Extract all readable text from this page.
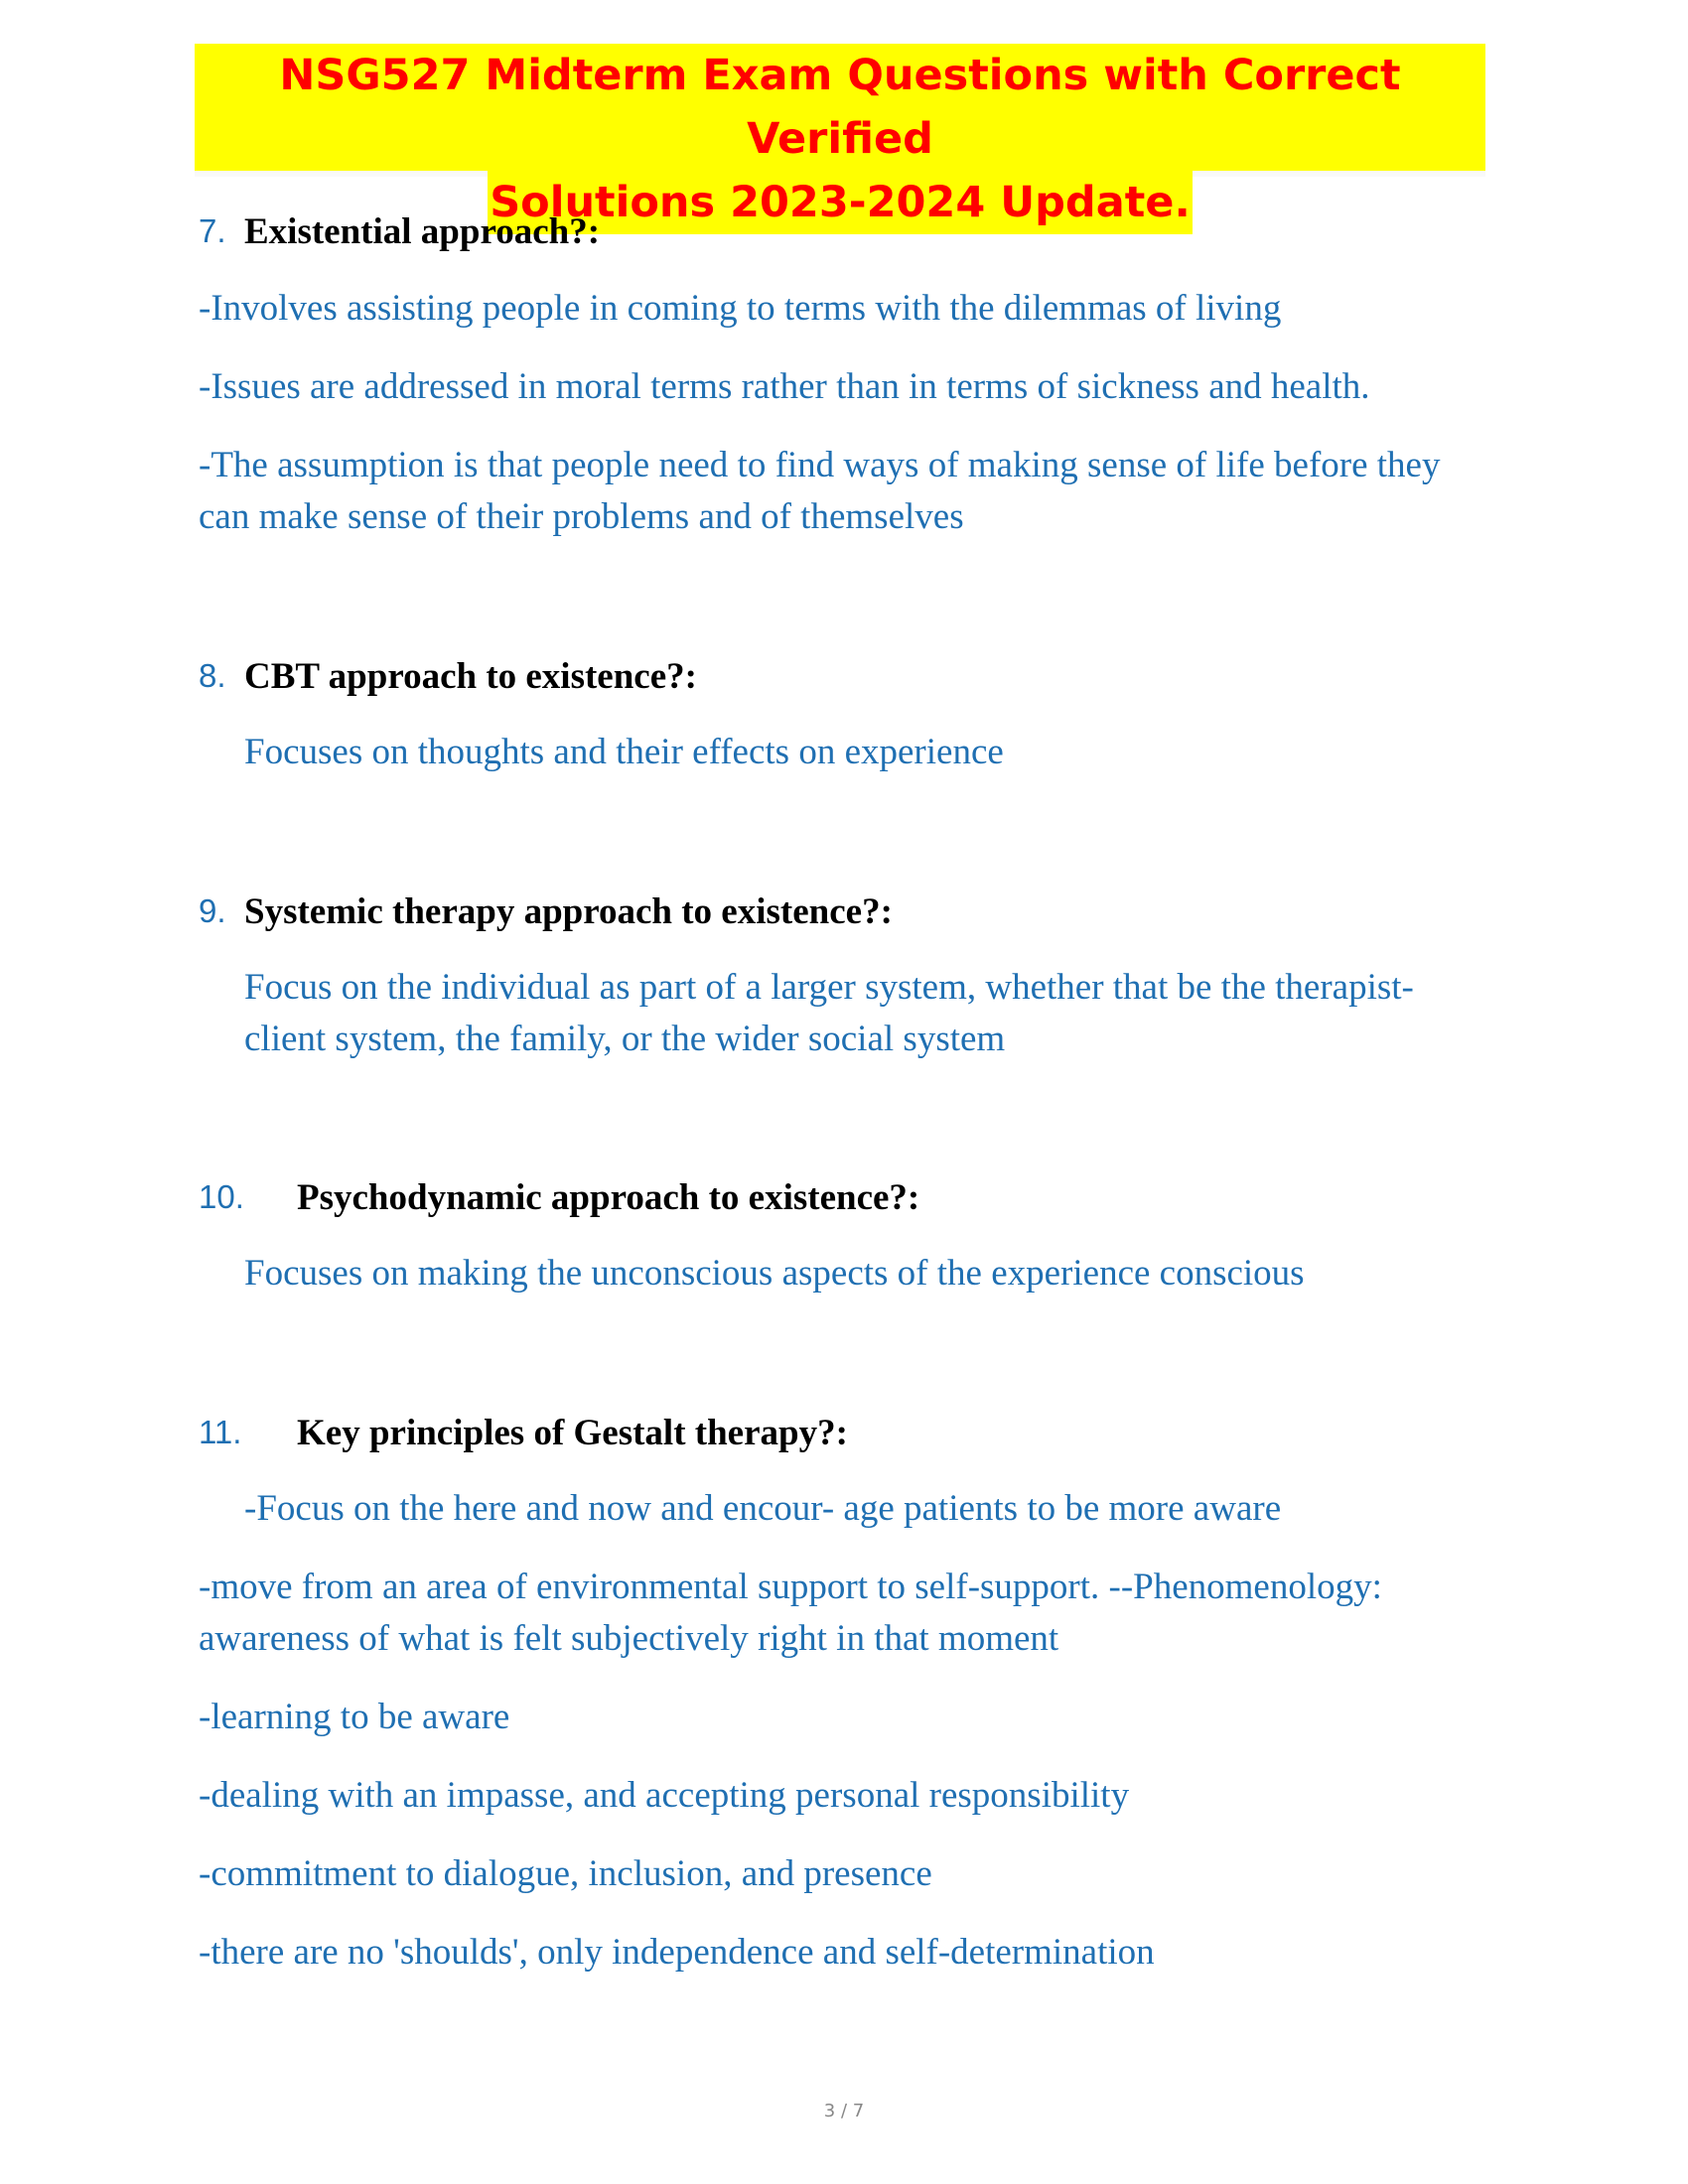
NSG527 Midterm Exam Questions with Correct Verified
Solutions 2023-2024 Update.
7. Existential approach?:
-Involves assisting people in coming to terms with the dilemmas of living
-Issues are addressed in moral terms rather than in terms of sickness and health.
-The assumption is that people need to find ways of making sense of life before they can make sense of their problems and of themselves
8. CBT approach to existence?:
Focuses on thoughts and their effects on experience
9. Systemic therapy approach to existence?:
Focus on the individual as part of a larger system, whether that be the therapist-client system, the family, or the wider social system
10. Psychodynamic approach to existence?:
Focuses on making the unconscious aspects of the experience conscious
11. Key principles of Gestalt therapy?:
-Focus on the here and now and encour- age patients to be more aware
-move from an area of environmental support to self-support. --Phenomenology: awareness of what is felt subjectively right in that moment
-learning to be aware
-dealing with an impasse, and accepting personal responsibility
-commitment to dialogue, inclusion, and presence
-there are no 'shoulds', only independence and self-determination
3 / 7
